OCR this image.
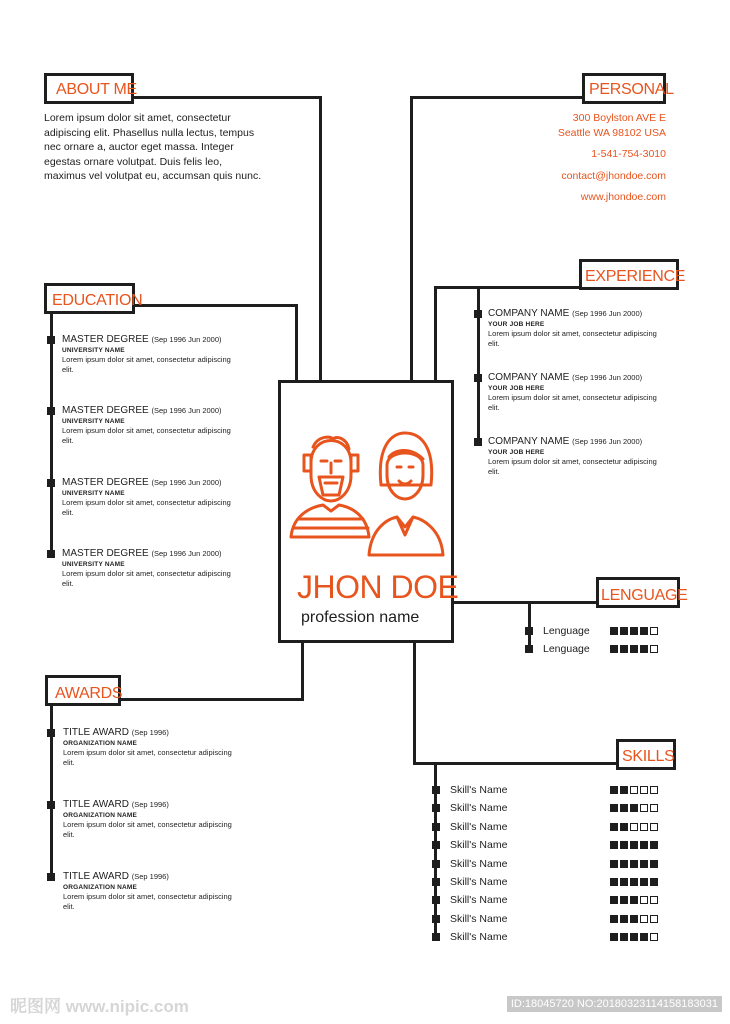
ABOUT ME
Lorem ipsum dolor sit amet, consectetur
adipiscing elit. Phasellus nulla lectus, tempus
nec ornare a, auctor eget massa. Integer
egestas ornare volutpat. Duis felis leo,
maximus vel volutpat eu, accumsan quis nunc.
PERSONAL
300 Boylston AVE E
Seattle WA 98102 USA
1-541-754-3010
contact@jhondoe.com
www.jhondoe.com
EDUCATION
MASTER DEGREE (Sep 1996 Jun 2000)
UNIVERSITY NAME
Lorem ipsum dolor sit amet, consectetur adipiscing
elit.
MASTER DEGREE (Sep 1996 Jun 2000)
UNIVERSITY NAME
Lorem ipsum dolor sit amet, consectetur adipiscing
elit.
MASTER DEGREE (Sep 1996 Jun 2000)
UNIVERSITY NAME
Lorem ipsum dolor sit amet, consectetur adipiscing
elit.
MASTER DEGREE (Sep 1996 Jun 2000)
UNIVERSITY NAME
Lorem ipsum dolor sit amet, consectetur adipiscing
elit.
EXPERIENCE
COMPANY NAME (Sep 1996 Jun 2000)
YOUR JOB HERE
Lorem ipsum dolor sit amet, consectetur adipiscing
elit.
COMPANY NAME (Sep 1996 Jun 2000)
YOUR JOB HERE
Lorem ipsum dolor sit amet, consectetur adipiscing
elit.
COMPANY NAME (Sep 1996 Jun 2000)
YOUR JOB HERE
Lorem ipsum dolor sit amet, consectetur adipiscing
elit.
JHON DOE
profession name
LENGUAGE
Lenguage
Lenguage
AWARDS
TITLE AWARD (Sep 1996)
ORGANIZATION NAME
Lorem ipsum dolor sit amet, consectetur adipiscing
elit.
TITLE AWARD (Sep 1996)
ORGANIZATION NAME
Lorem ipsum dolor sit amet, consectetur adipiscing
elit.
TITLE AWARD (Sep 1996)
ORGANIZATION NAME
Lorem ipsum dolor sit amet, consectetur adipiscing
elit.
SKILLS
Skill's Name
Skill's Name
Skill's Name
Skill's Name
Skill's Name
Skill's Name
Skill's Name
Skill's Name
Skill's Name
昵图网 www.nipic.com	ID:18045720 NO:20180323114158183031
